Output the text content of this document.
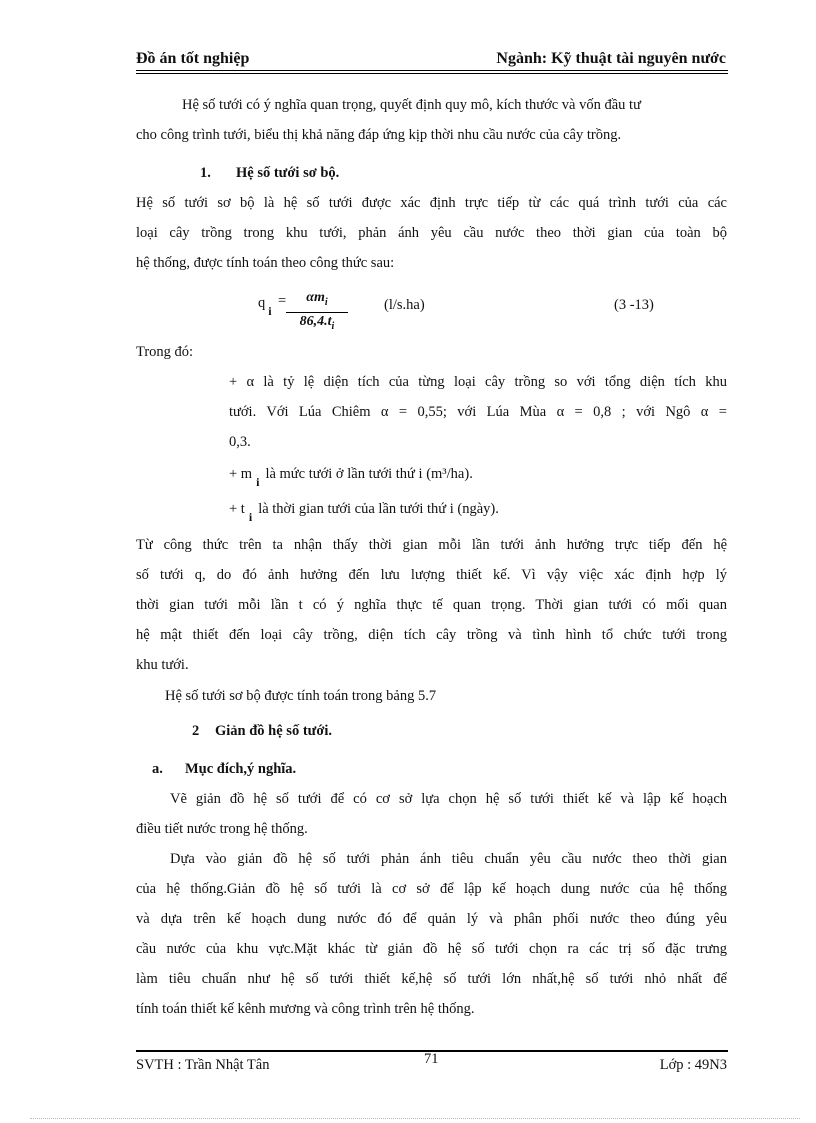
Đồ án tốt nghiệp	Ngành: Kỹ thuật tài nguyên nước
Hệ số tưới có ý nghĩa quan trọng, quyết định quy mô, kích thước và vốn đầu tư
cho công trình tưới, biểu thị khả năng đáp ứng kịp thời nhu cầu nước của cây trồng.
1. Hệ số tưới sơ bộ.
Hệ số tưới sơ bộ là hệ số tưới được xác định trực tiếp từ các quá trình tưới của các
loại cây trồng trong khu tưới, phản ánh yêu cầu nước theo thời gian của toàn bộ
hệ thống, được tính toán theo công thức sau:
q $_i$
=	$\alpha m_i$
$86,4.t_i$
(l/s.ha)	(3 -13)
Trong đó:
+ α là tỷ lệ diện tích của từng loại cây trồng so với tổng diện tích khu
tưới. Với Lúa Chiêm α = 0,55; với Lúa Mùa α = 0,8 ; với Ngô α =
0,3.
+ m $_i$ là mức tưới ở lần tưới thứ i (m³/ha).
+ t $_i$ là thời gian tưới của lần tưới thứ i (ngày).
Từ công thức trên ta nhận thấy thời gian mỗi lần tưới ảnh hưởng trực tiếp đến hệ
số tưới q, do đó ảnh hưởng đến lưu lượng thiết kế. Vì vậy việc xác định hợp lý
thời gian tưới mỗi lần t có ý nghĩa thực tế quan trọng. Thời gian tưới có mối quan
hệ mật thiết đến loại cây trồng, diện tích cây trồng và tình hình tổ chức tưới trong
khu tưới.
Hệ số tưới sơ bộ được tính toán trong bảng 5.7
2 Giản đồ hệ số tưới.
a. Mục đích,ý nghĩa.
Vẽ giản đồ hệ số tưới để có cơ sở lựa chọn hệ số tưới thiết kế và lập kế hoạch
điều tiết nước trong hệ thống.
Dựa vào giản đồ hệ số tưới phản ánh tiêu chuẩn yêu cầu nước theo thời gian
của hệ thống.Giản đồ hệ số tưới là cơ sở để lập kế hoạch dung nước của hệ thống
và dựa trên kế hoạch dung nước đó để quản lý và phân phối nước theo đúng yêu
cầu nước của khu vực.Mặt khác từ giản đồ hệ số tưới chọn ra các trị số đặc trưng
làm tiêu chuẩn như hệ số tưới thiết kế,hệ số tưới lớn nhất,hệ số tưới nhỏ nhất để
tính toán thiết kế kênh mương và công trình trên hệ thống.
SVTH : Trần Nhật Tân	71	Lớp : 49N3
